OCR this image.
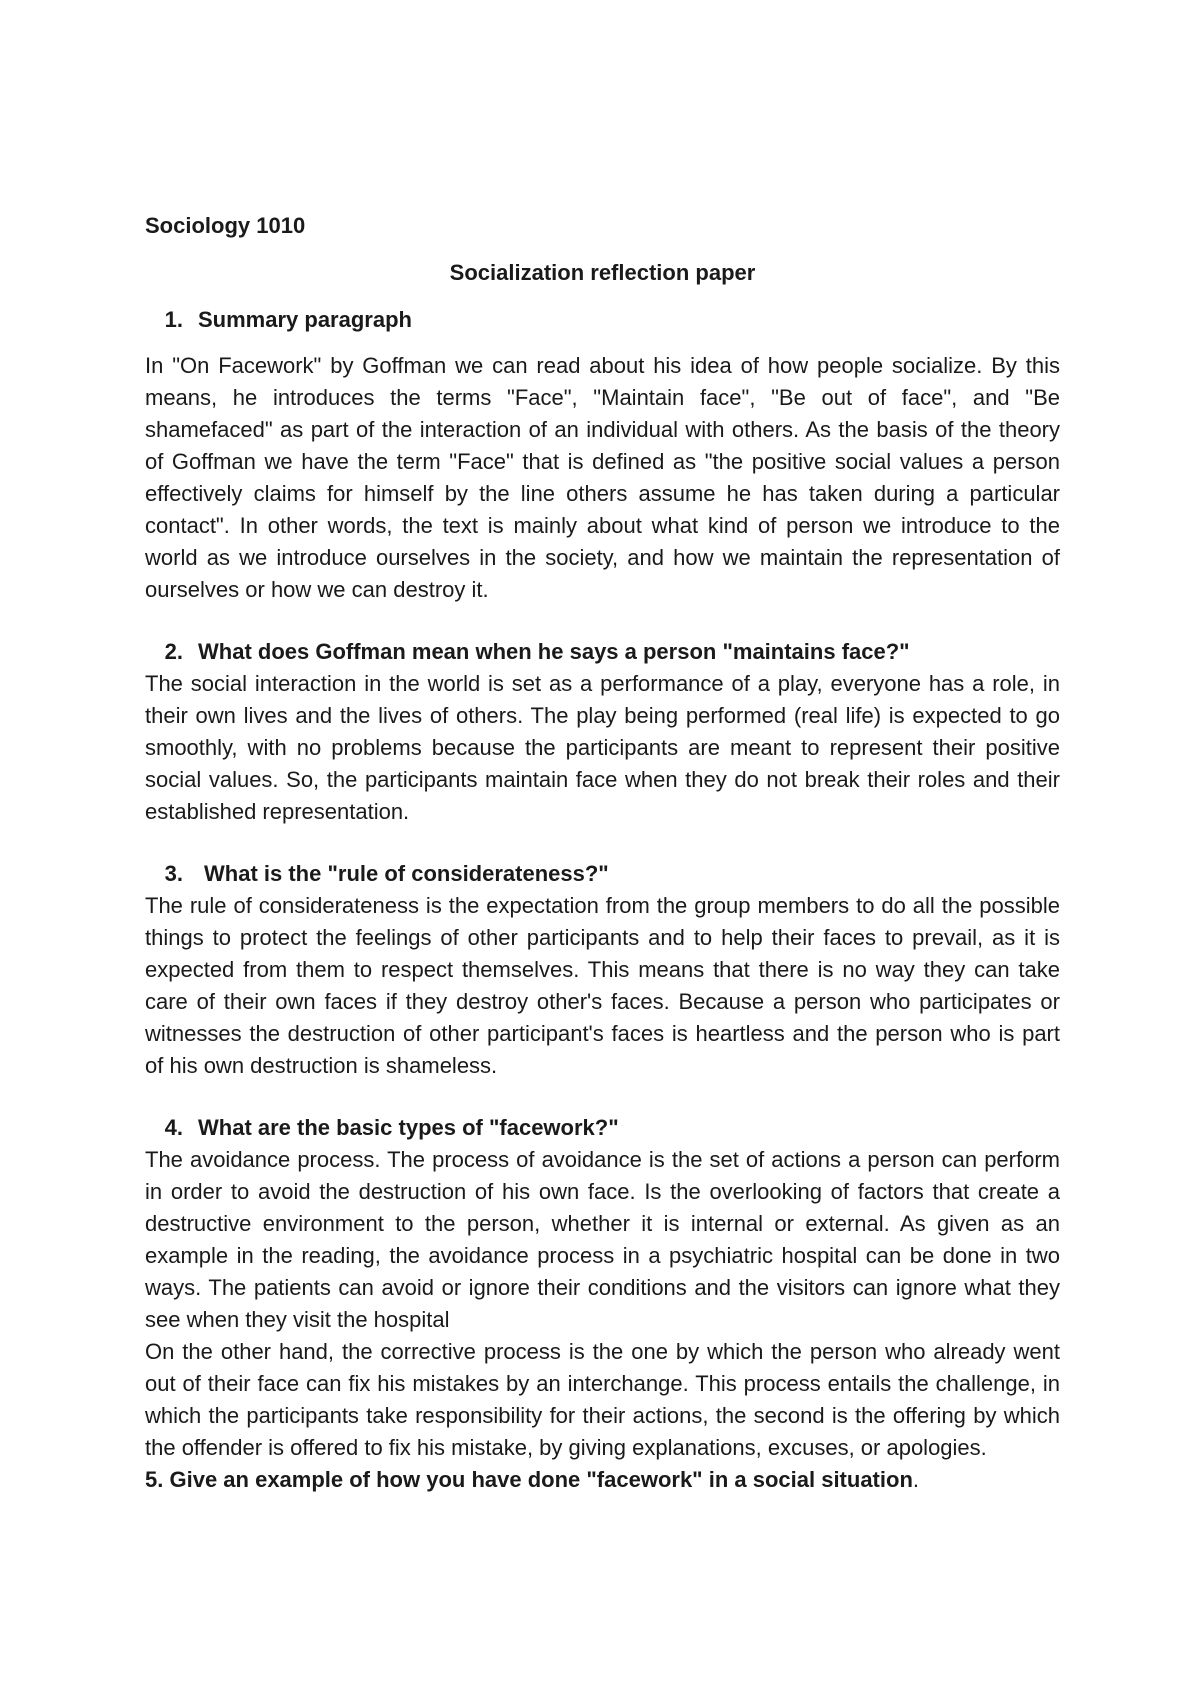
Sociology 1010

Socialization reflection paper

1. Summary paragraph

In "On Facework" by Goffman we can read about his idea of how people socialize. By this means, he introduces the terms "Face", "Maintain face", "Be out of face", and "Be shamefaced" as part of the interaction of an individual with others. As the basis of the theory of Goffman we have the term "Face" that is defined as "the positive social values a person effectively claims for himself by the line others assume he has taken during a particular contact". In other words, the text is mainly about what kind of person we introduce to the world as we introduce ourselves in the society, and how we maintain the representation of ourselves or how we can destroy it.

2. What does Goffman mean when he says a person "maintains face?"

The social interaction in the world is set as a performance of a play, everyone has a role, in their own lives and the lives of others. The play being performed (real life) is expected to go smoothly, with no problems because the participants are meant to represent their positive social values. So, the participants maintain face when they do not break their roles and their established representation.

3. What is the "rule of considerateness?"

The rule of considerateness is the expectation from the group members to do all the possible things to protect the feelings of other participants and to help their faces to prevail, as it is expected from them to respect themselves. This means that there is no way they can take care of their own faces if they destroy other's faces. Because a person who participates or witnesses the destruction of other participant's faces is heartless and the person who is part of his own destruction is shameless.

4. What are the basic types of "facework?"

The avoidance process. The process of avoidance is the set of actions a person can perform in order to avoid the destruction of his own face. Is the overlooking of factors that create a destructive environment to the person, whether it is internal or external. As given as an example in the reading, the avoidance process in a psychiatric hospital can be done in two ways. The patients can avoid or ignore their conditions and the visitors can ignore what they see when they visit the hospital

On the other hand, the corrective process is the one by which the person who already went out of their face can fix his mistakes by an interchange. This process entails the challenge, in which the participants take responsibility for their actions, the second is the offering by which the offender is offered to fix his mistake, by giving explanations, excuses, or apologies.

5. Give an example of how you have done "facework" in a social situation.
